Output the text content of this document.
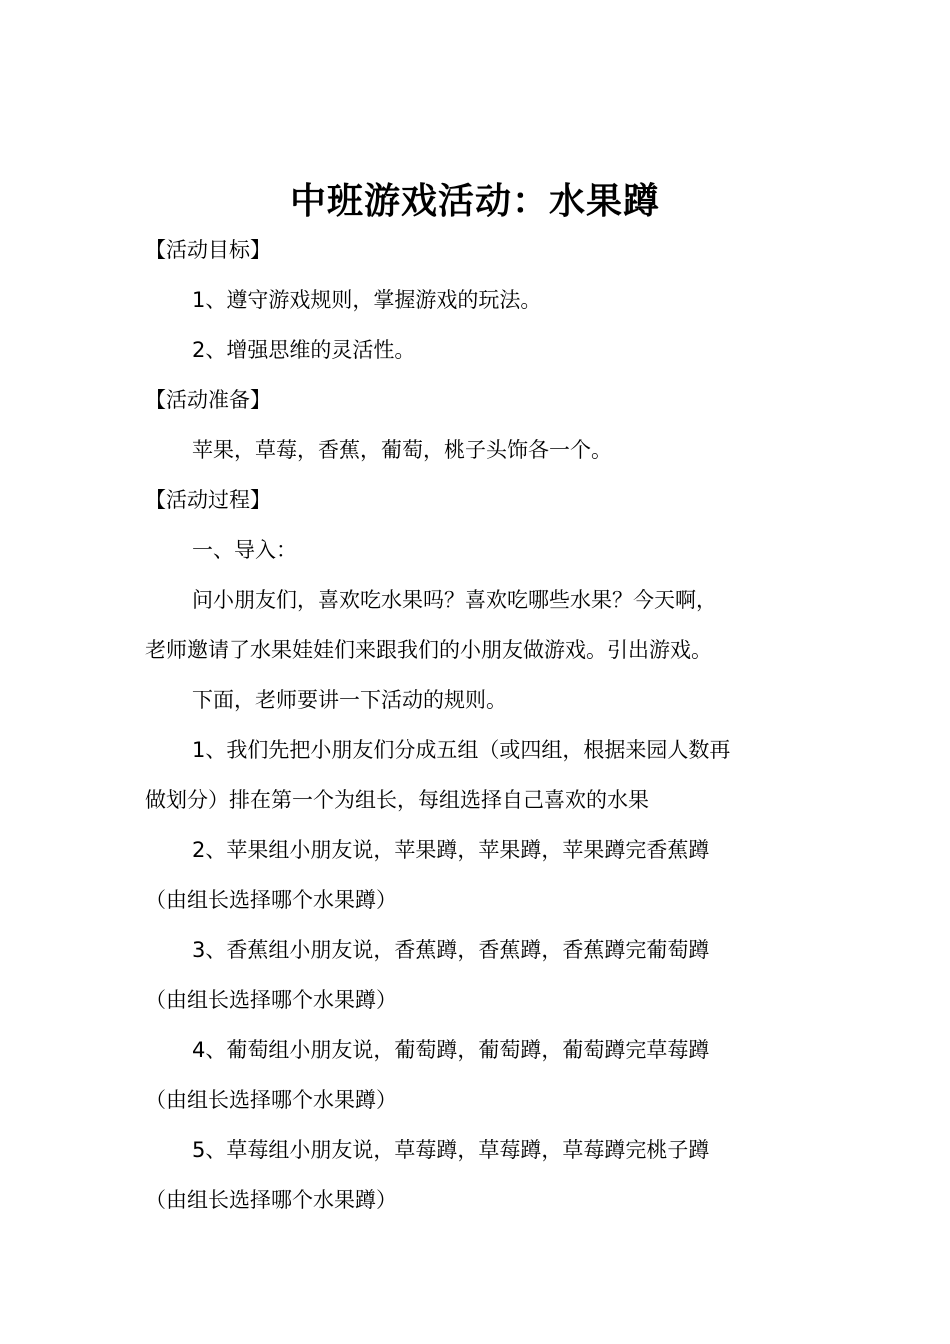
中班游戏活动：水果蹲

【活动目标】

1、遵守游戏规则，掌握游戏的玩法。

2、增强思维的灵活性。

【活动准备】

苹果，草莓，香蕉，葡萄，桃子头饰各一个。

【活动过程】

一、导入：

问小朋友们，喜欢吃水果吗？喜欢吃哪些水果？今天啊，

老师邀请了水果娃娃们来跟我们的小朋友做游戏。引出游戏。

下面，老师要讲一下活动的规则。

1、我们先把小朋友们分成五组（或四组，根据来园人数再

做划分）排在第一个为组长，每组选择自己喜欢的水果

2、苹果组小朋友说，苹果蹲，苹果蹲，苹果蹲完香蕉蹲

（由组长选择哪个水果蹲）

3、香蕉组小朋友说，香蕉蹲，香蕉蹲，香蕉蹲完葡萄蹲

（由组长选择哪个水果蹲）

4、葡萄组小朋友说，葡萄蹲，葡萄蹲，葡萄蹲完草莓蹲

（由组长选择哪个水果蹲）

5、草莓组小朋友说，草莓蹲，草莓蹲，草莓蹲完桃子蹲

（由组长选择哪个水果蹲）
